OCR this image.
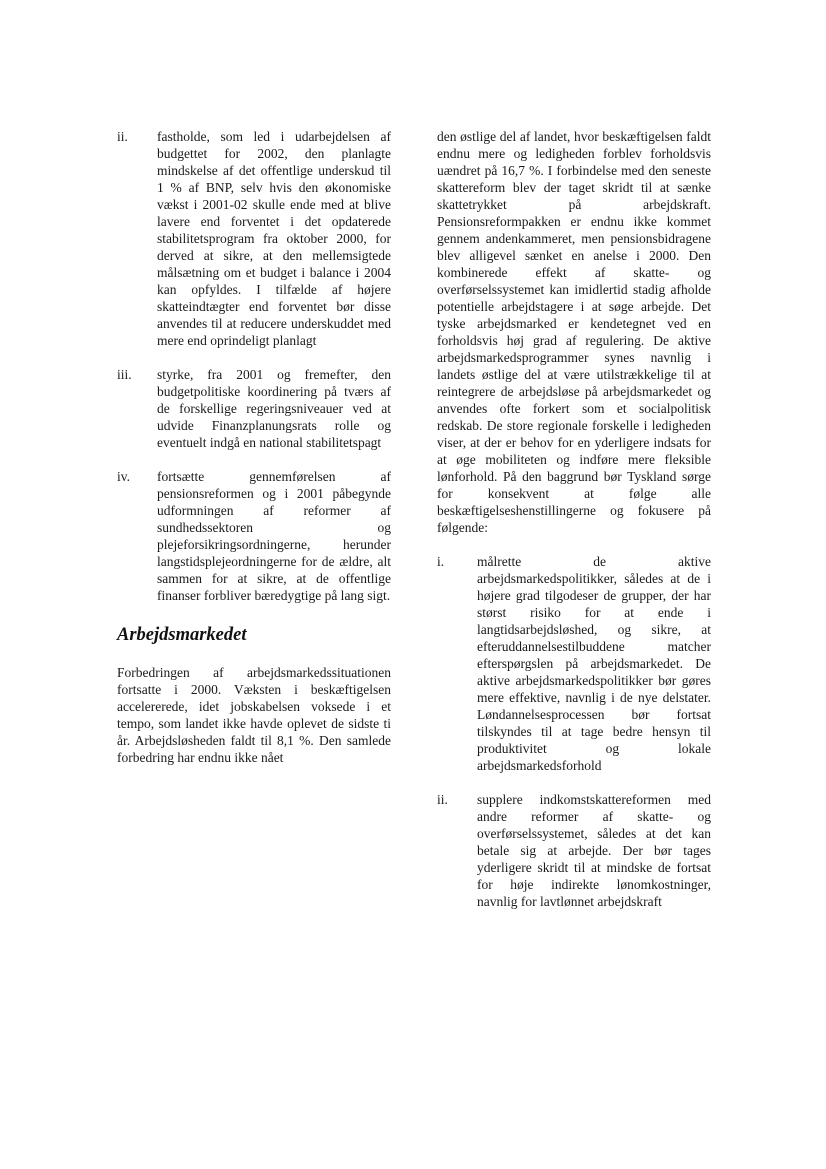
ii.	fastholde, som led i udarbejdelsen af budgettet for 2002, den planlagte mindskelse af det offentlige underskud til 1 % af BNP, selv hvis den økonomiske vækst i 2001-02 skulle ende med at blive lavere end forventet i det opdaterede stabilitetsprogram fra oktober 2000, for derved at sikre, at den mellemsigtede målsætning om et budget i balance i 2004 kan opfyldes. I tilfælde af højere skatteindtægter end forventet bør disse anvendes til at reducere underskuddet med mere end oprindeligt planlagt

iii.	styrke, fra 2001 og fremefter, den budgetpolitiske koordinering på tværs af de forskellige regeringsniveauer ved at udvide Finanzplanungsrats rolle og eventuelt indgå en national stabilitetspagt

iv.	fortsætte gennemførelsen af pensionsreformen og i 2001 påbegynde udformningen af reformer af sundhedssektoren og plejeforsikringsordningerne, herunder langstidsplejeordningerne for de ældre, alt sammen for at sikre, at de offentlige finanser forbliver bæredygtige på lang sigt.

Arbejdsmarkedet

Forbedringen af arbejdsmarkedssituationen fortsatte i 2000. Væksten i beskæftigelsen accelererede, idet jobskabelsen voksede i et tempo, som landet ikke havde oplevet de sidste ti år. Arbejdsløsheden faldt til 8,1 %. Den samlede forbedring har endnu ikke nået

den østlige del af landet, hvor beskæftigelsen faldt endnu mere og ledigheden forblev forholdsvis uændret på 16,7 %. I forbindelse med den seneste skattereform blev der taget skridt til at sænke skattetrykket på arbejdskraft. Pensionsreformpakken er endnu ikke kommet gennem andenkammeret, men pensionsbidragene blev alligevel sænket en anelse i 2000. Den kombinerede effekt af skatte- og overførselssystemet kan imidlertid stadig afholde potentielle arbejdstagere i at søge arbejde. Det tyske arbejdsmarked er kendetegnet ved en forholdsvis høj grad af regulering. De aktive arbejdsmarkedsprogrammer synes navnlig i landets østlige del at være utilstrækkelige til at reintegrere de arbejdsløse på arbejdsmarkedet og anvendes ofte forkert som et socialpolitisk redskab. De store regionale forskelle i ledigheden viser, at der er behov for en yderligere indsats for at øge mobiliteten og indføre mere fleksible lønforhold. På den baggrund bør Tyskland sørge for konsekvent at følge alle beskæftigelseshenstillingerne og fokusere på følgende:

i.	målrette de aktive arbejdsmarkedspolitikker, således at de i højere grad tilgodeser de grupper, der har størst risiko for at ende i langtidsarbejdsløshed, og sikre, at efteruddannelsestilbuddene matcher efterspørgslen på arbejdsmarkedet. De aktive arbejdsmarkedspolitikker bør gøres mere effektive, navnlig i de nye delstater. Løndannelsesprocessen bør fortsat tilskyndes til at tage bedre hensyn til produktivitet og lokale arbejdsmarkedsforhold

ii.	supplere indkomstskattereformen med andre reformer af skatte- og overførselssystemet, således at det kan betale sig at arbejde. Der bør tages yderligere skridt til at mindske de fortsat for høje indirekte lønomkostninger, navnlig for lavtlønnet arbejdskraft
